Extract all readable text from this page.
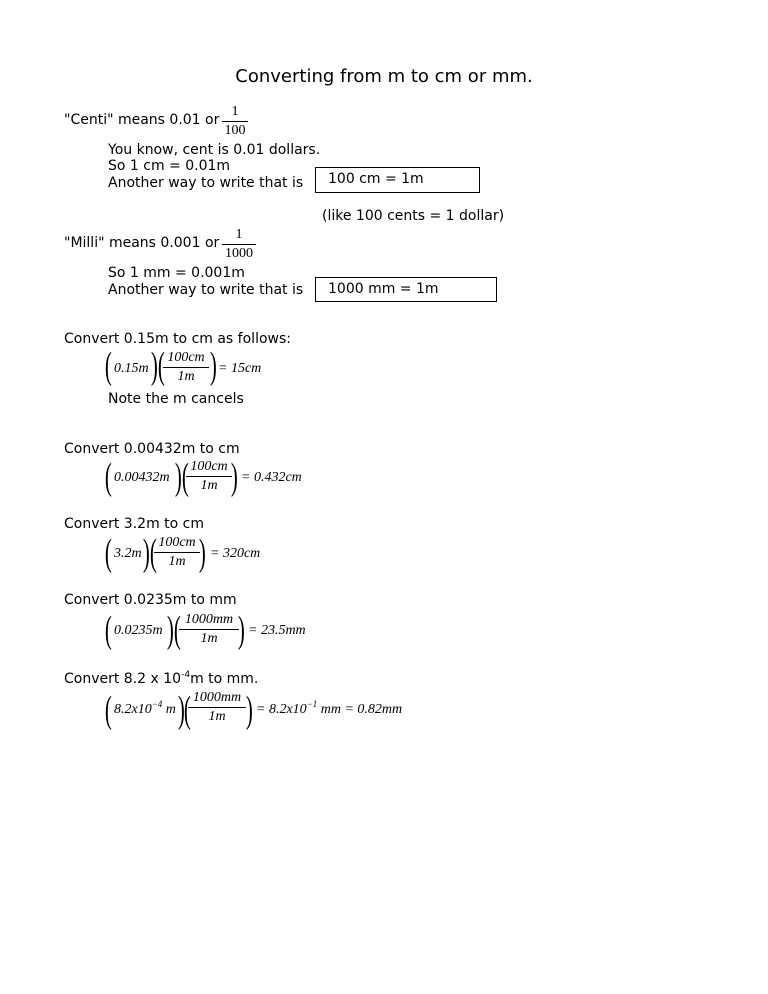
Converting from m to cm or mm.
"Centi" means 0.01 or $\frac{1}{100}$
You know, cent is 0.01 dollars.
So 1 cm = 0.01m
Another way to write that is	100 cm = 1m
(like 100 cents = 1 dollar)
"Milli" means 0.001 or $\frac{1}{1000}$
So 1 mm = 0.001m
Another way to write that is	1000 mm = 1m
Convert 0.15m to cm as follows:
( 0.15m ) (
$\frac{100cm}{1m}$ ) = 15cm
Note the m cancels
Convert 0.00432m to cm
( 0.00432m ) (
$\frac{100cm}{1m}$
) = 0.432cm
Convert 3.2m to cm
( 3.2m ) (
$\frac{100cm}{1m}$
) = 320cm
Convert 0.0235m to mm
( 0.0235m ) (
$\frac{1000mm}{1m}$
) = 23.5mm
Convert 8.2 x $10^{-4}m$ to mm.
( $8.2x10^{-4}$ m ) (
$\frac{1000mm}{1m}$ ) = $8.2x10^{-1}$ mm = 0.82mm
